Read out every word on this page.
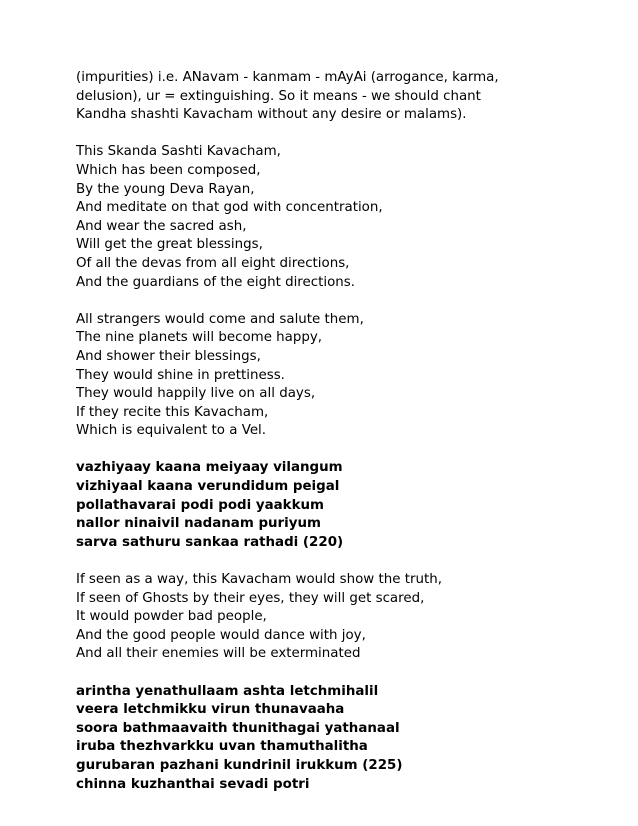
(impurities) i.e. ANavam - kanmam - mAyAi (arrogance, karma,
delusion), ur = extinguishing. So it means - we should chant
Kandha shashti Kavacham without any desire or malams).
This Skanda Sashti Kavacham,
Which has been composed,
By the young Deva Rayan,
And meditate on that god with concentration,
And wear the sacred ash,
Will get the great blessings,
Of all the devas from all eight directions,
And the guardians of the eight directions.
All strangers would come and salute them,
The nine planets will become happy,
And shower their blessings,
They would shine in prettiness.
They would happily live on all days,
If they recite this Kavacham,
Which is equivalent to a Vel.
vazhiyaay kaana meiyaay vilangum
vizhiyaal kaana verundidum peigal
pollathavarai podi podi yaakkum
nallor ninaivil nadanam puriyum
sarva sathuru sankaa rathadi (220)
If seen as a way, this Kavacham would show the truth,
If seen of Ghosts by their eyes, they will get scared,
It would powder bad people,
And the good people would dance with joy,
And all their enemies will be exterminated
arintha yenathullaam ashta letchmihalil
veera letchmikku virun thunavaaha
soora bathmaavaith thunithagai yathanaal
iruba thezhvarkku uvan thamuthalitha
gurubaran pazhani kundrinil irukkum (225)
chinna kuzhanthai sevadi potri
